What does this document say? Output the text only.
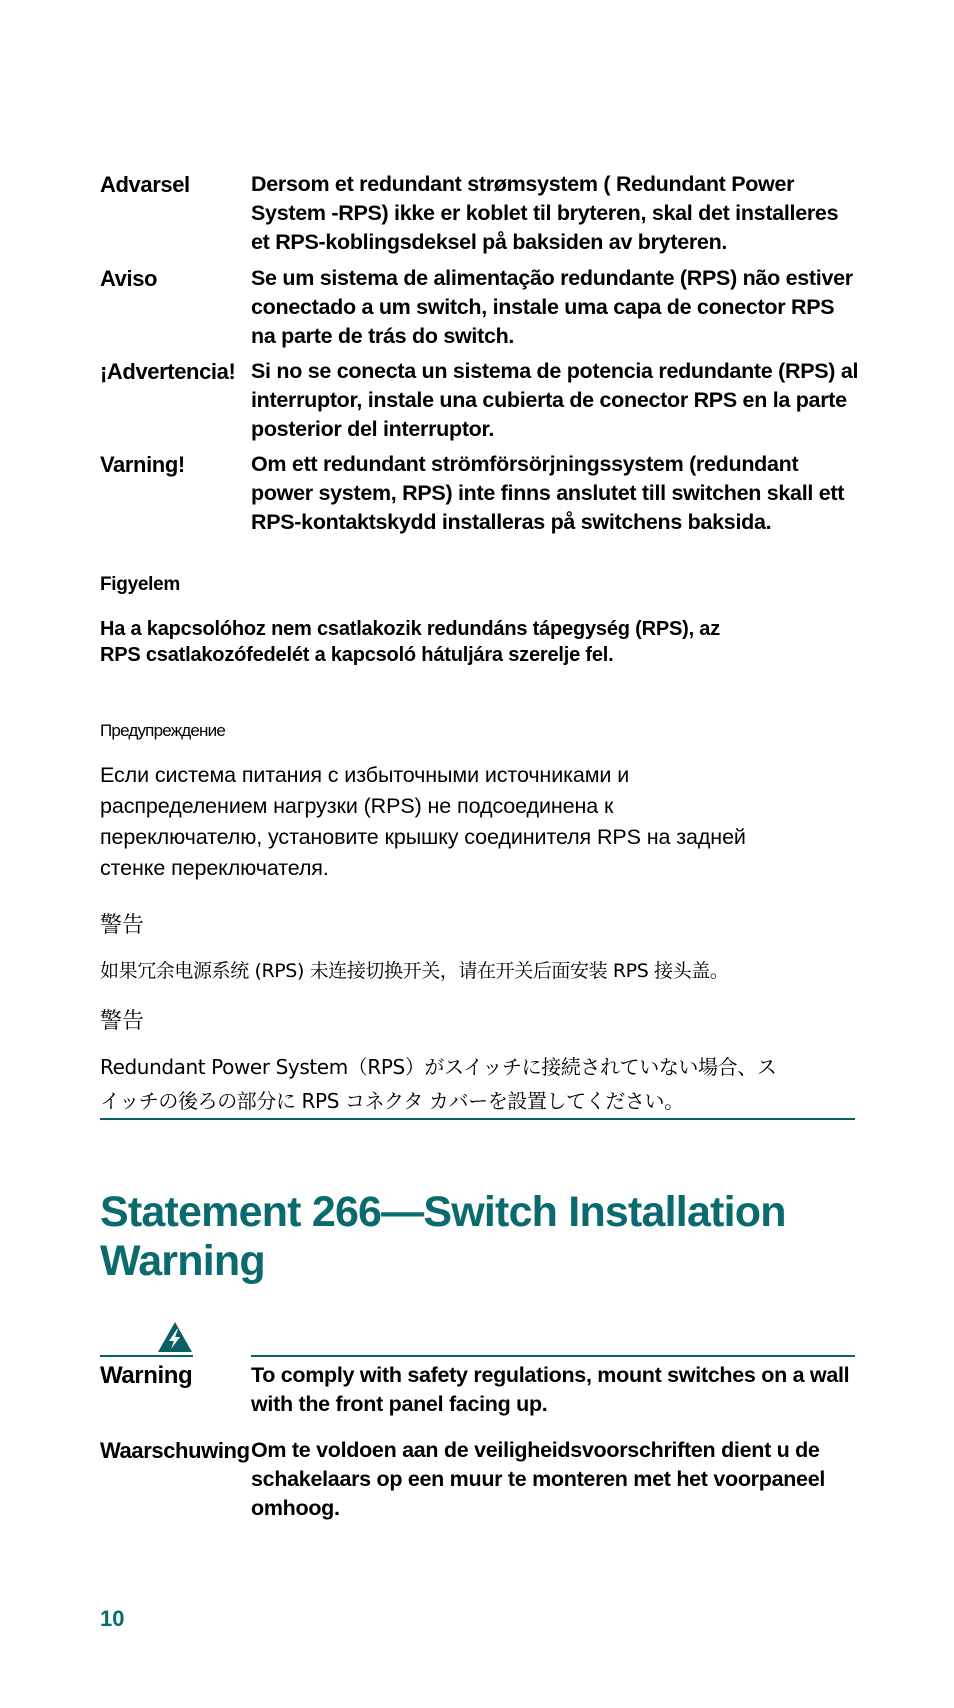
Advarsel	Dersom et redundant strømsystem ( Redundant Power System -RPS) ikke er koblet til bryteren, skal det installeres et RPS-koblingsdeksel på baksiden av bryteren.
Aviso	Se um sistema de alimentação redundante (RPS) não estiver conectado a um switch, instale uma capa de conector RPS na parte de trás do switch.
¡Advertencia! Si no se conecta un sistema de potencia redundante (RPS) al interruptor, instale una cubierta de conector RPS en la parte posterior del interruptor.
Varning!	Om ett redundant strömförsörjningssystem (redundant power system, RPS) inte finns anslutet till switchen skall ett RPS-kontaktskydd installeras på switchens baksida.
Figyelem
Ha a kapcsolóhoz nem csatlakozik redundáns tápegység (RPS), az RPS csatlakozófedelét a kapcsoló hátuljára szerelje fel.
Предупреждение
Если система питания с избыточными источниками и распределением нагрузки (RPS) не подсоединена к переключателю, установите крышку соединителя RPS на задней стенке переключателя.
警告
如果冗余电源系统 (RPS) 未连接切换开关，请在开关后面安装 RPS 接头盖。
警告
Redundant Power System（RPS）がスイッチに接続されていない場合、スイッチの後ろの部分に RPS コネクタ カバーを設置してください。
Statement 266—Switch Installation Warning
Warning	To comply with safety regulations, mount switches on a wall with the front panel facing up.
Waarschuwing Om te voldoen aan de veiligheidsvoorschriften dient u de schakelaars op een muur te monteren met het voorpaneel omhoog.
10
